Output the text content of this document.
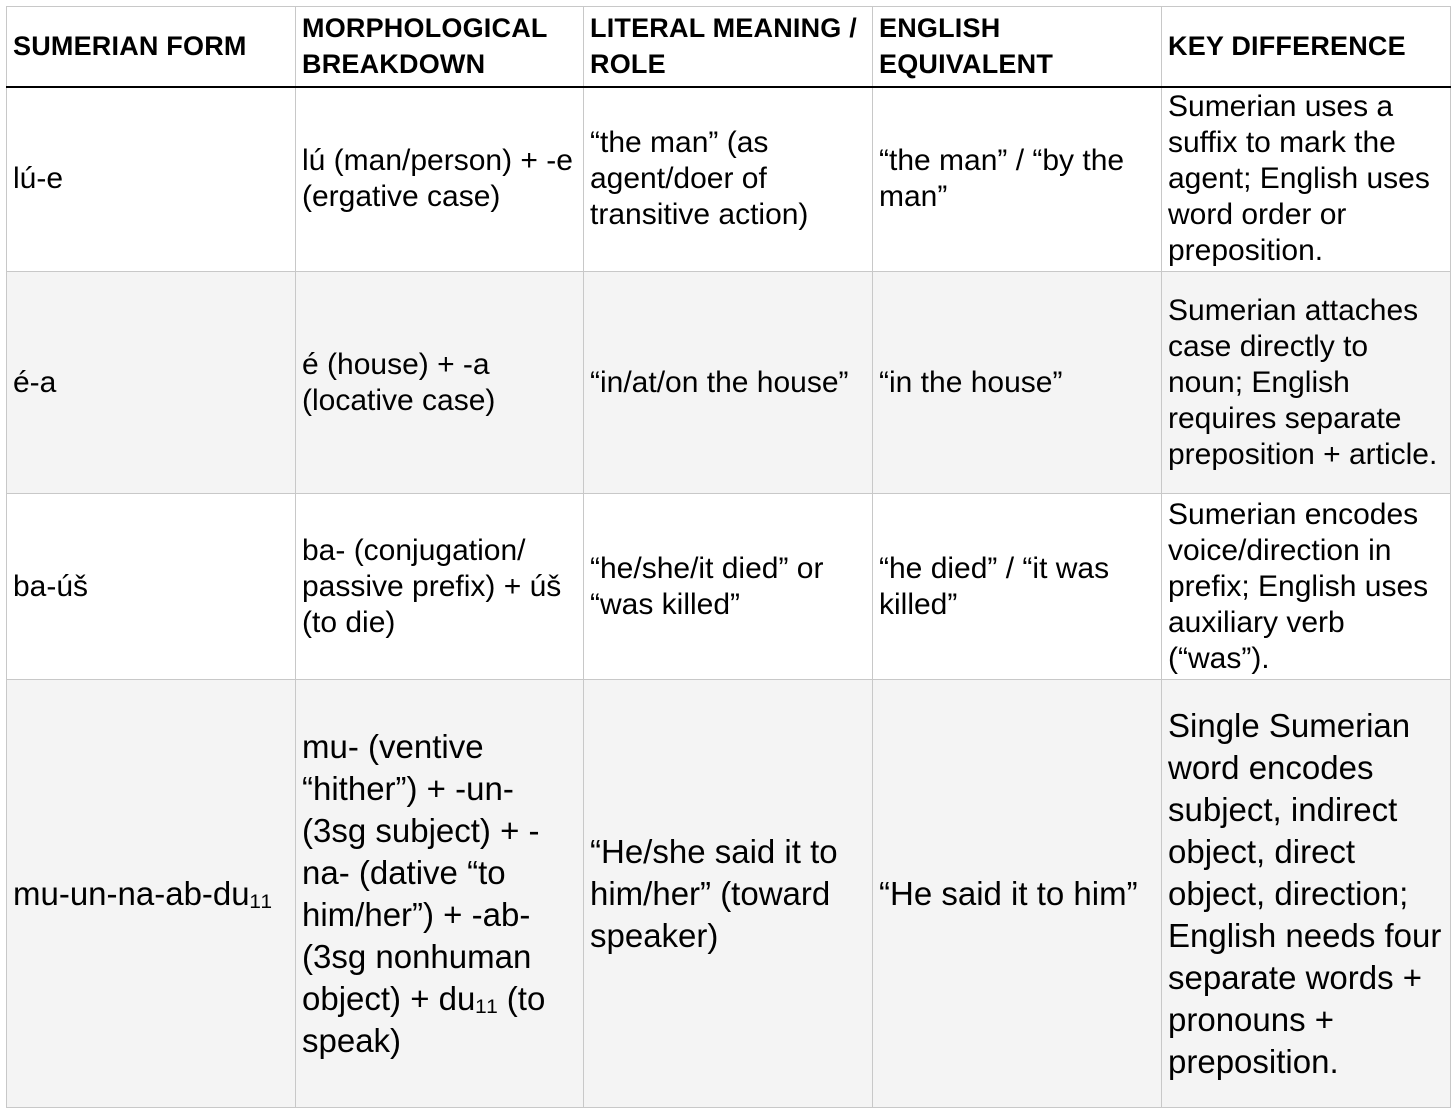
SUMERIAN FORM	MORPHOLOGICAL BREAKDOWN	LITERAL MEANING / ROLE	ENGLISH EQUIVALENT	KEY DIFFERENCE
lú-e	lú (man/person) + -e (ergative case)	“the man” (as agent/doer of transitive action)	“the man” / “by the man”	Sumerian uses a suffix to mark the agent; English uses word order or preposition.
é-a	é (house) + -a (locative case)	“in/at/on the house”	“in the house”	Sumerian attaches case directly to noun; English requires separate preposition + article.
ba-úš	ba- (conjugation/ passive prefix) + úš (to die)	“he/she/it died” or “was killed”	“he died” / “it was killed”	Sumerian encodes voice/direction in prefix; English uses auxiliary verb (“was”).
mu-un-na-ab-du₁₁	mu- (ventive “hither”) + -un- (3sg subject) + -na- (dative “to him/her”) + -ab- (3sg nonhuman object) + du₁₁ (to speak)	“He/she said it to him/her” (toward speaker)	“He said it to him”	Single Sumerian word encodes subject, indirect object, direct object, direction; English needs four separate words + pronouns + preposition.
